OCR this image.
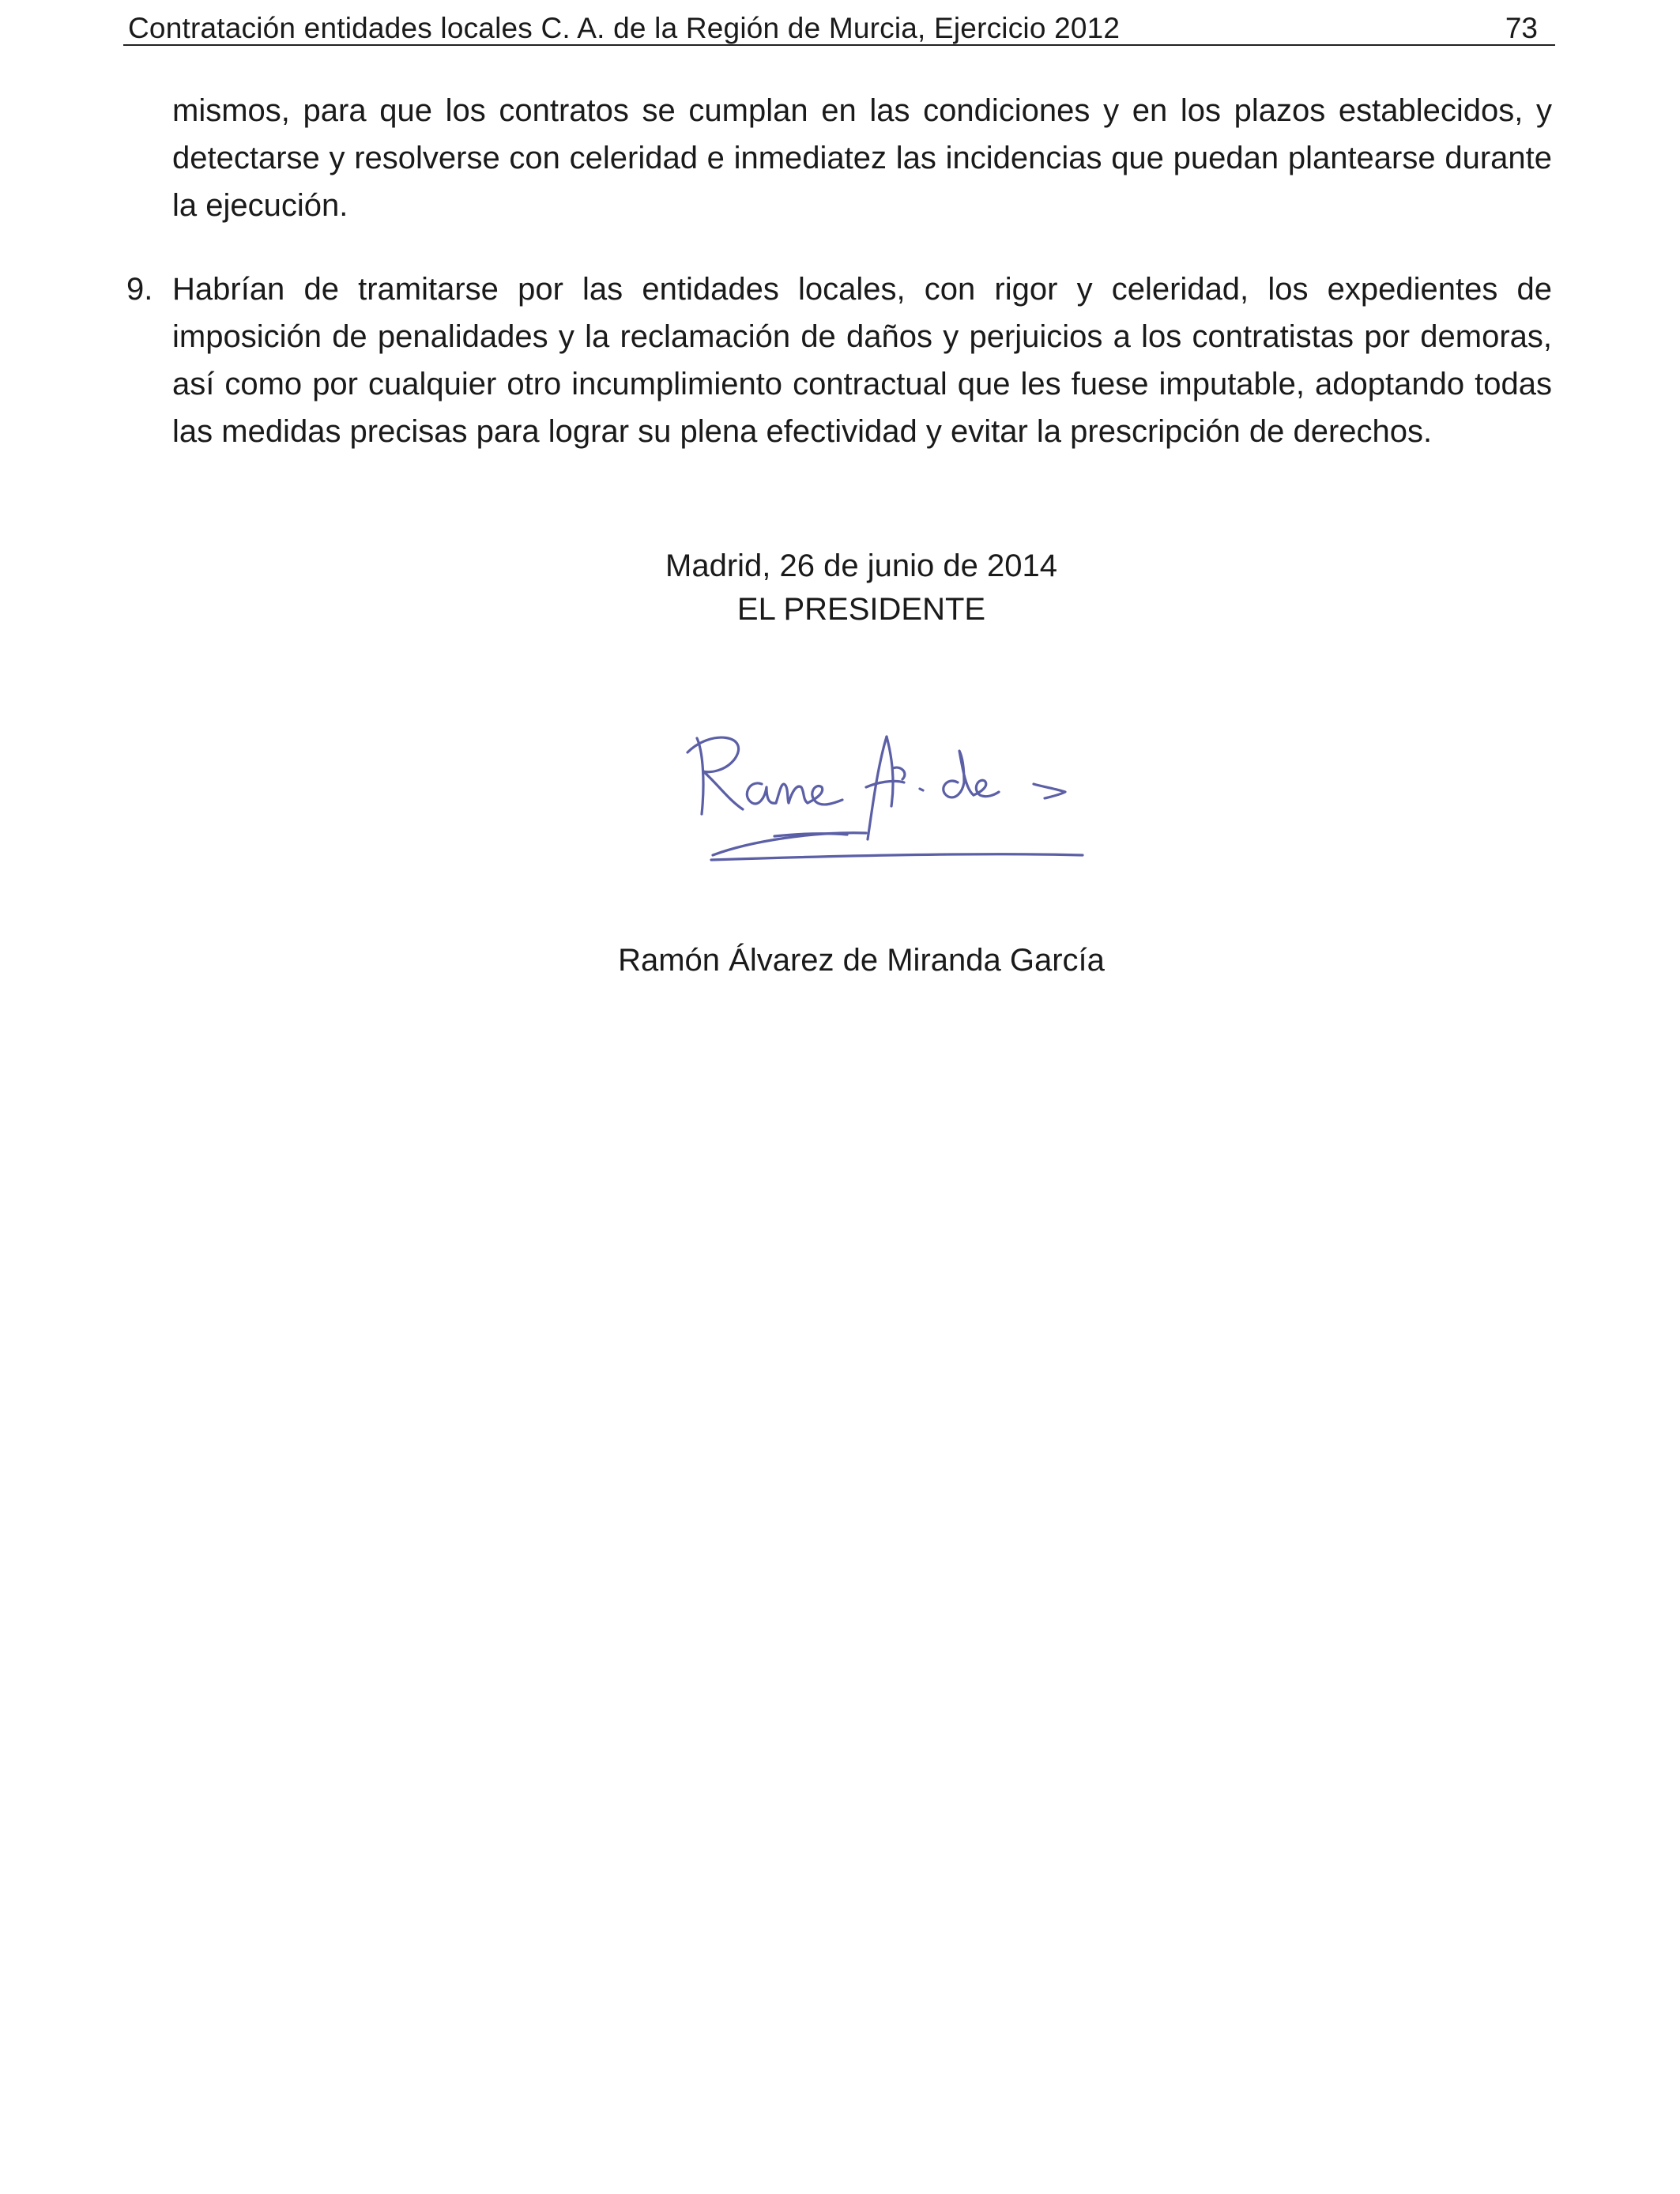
Contratación entidades locales C. A. de la Región de Murcia, Ejercicio 2012	73
mismos, para que los contratos se cumplan en las condiciones y en los plazos establecidos, y detectarse y resolverse con celeridad e inmediatez las incidencias que puedan plantearse durante la ejecución.
9. Habrían de tramitarse por las entidades locales, con rigor y celeridad, los expedientes de imposición de penalidades y la reclamación de daños y perjuicios a los contratistas por demoras, así como por cualquier otro incumplimiento contractual que les fuese imputable, adoptando todas las medidas precisas para lograr su plena efectividad y evitar la prescripción de derechos.
Madrid, 26 de junio de 2014
EL PRESIDENTE
Ramón Álvarez de Miranda García
